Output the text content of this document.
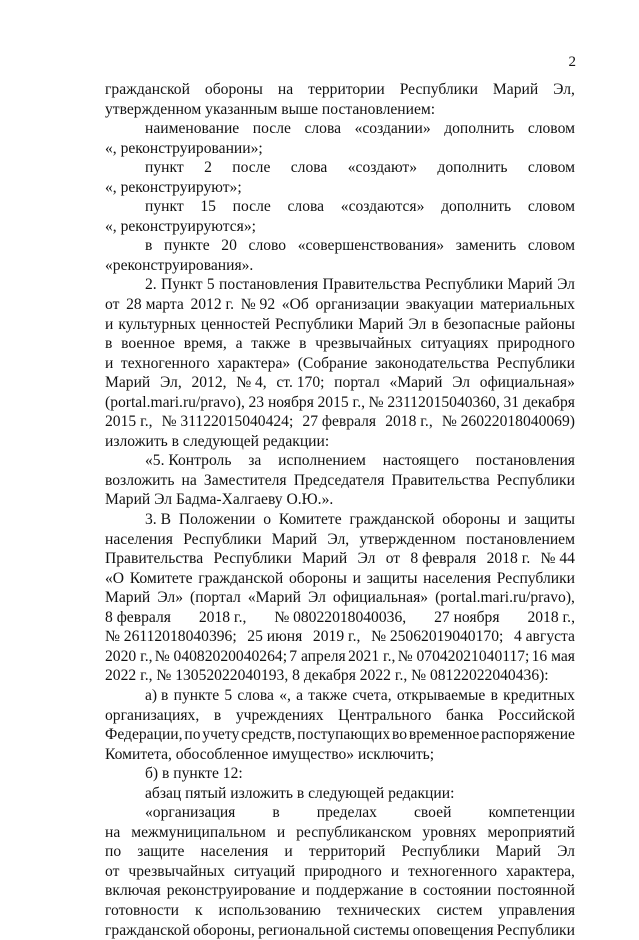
2
гражданской обороны на территории Республики Марий Эл,
утвержденном указанным выше постановлением:
наименование после слова «создании» дополнить словом
«, реконструировании»;
пункт 2 после слова «создают» дополнить словом
«, реконструируют»;
пункт 15 после слова «создаются» дополнить словом
«, реконструируются»;
в пункте 20 слово «совершенствования» заменить словом
«реконструирования».
2. Пункт 5 постановления Правительства Республики Марий Эл
от 28 марта 2012 г. № 92 «Об организации эвакуации материальных
и культурных ценностей Республики Марий Эл в безопасные районы
в военное время, а также в чрезвычайных ситуациях природного
и техногенного характера» (Собрание законодательства Республики
Марий Эл, 2012, № 4, ст. 170; портал «Марий Эл официальная»
(portal.mari.ru/pravo), 23 ноября 2015 г., № 23112015040360, 31 декабря
2015 г., № 31122015040424; 27 февраля 2018 г., № 26022018040069)
изложить в следующей редакции:
«5. Контроль за исполнением настоящего постановления
возложить на Заместителя Председателя Правительства Республики
Марий Эл Бадма-Халгаеву О.Ю.».
3. В Положении о Комитете гражданской обороны и защиты
населения Республики Марий Эл, утвержденном постановлением
Правительства Республики Марий Эл от 8 февраля 2018 г. № 44
«О Комитете гражданской обороны и защиты населения Республики
Марий Эл» (портал «Марий Эл официальная» (portal.mari.ru/pravo),
8 февраля 2018 г., № 08022018040036, 27 ноября 2018 г.,
№ 26112018040396; 25 июня 2019 г., № 25062019040170; 4 августа
2020 г., № 04082020040264; 7 апреля 2021 г., № 07042021040117; 16 мая
2022 г., № 13052022040193, 8 декабря 2022 г., № 08122022040436):
а) в пункте 5 слова «, а также счета, открываемые в кредитных
организациях, в учреждениях Центрального банка Российской
Федерации, по учету средств, поступающих во временное распоряжение
Комитета, обособленное имущество» исключить;
б) в пункте 12:
абзац пятый изложить в следующей редакции:
«организация в пределах своей компетенции
на межмуниципальном и республиканском уровнях мероприятий
по защите населения и территорий Республики Марий Эл
от чрезвычайных ситуаций природного и техногенного характера,
включая реконструирование и поддержание в состоянии постоянной
готовности к использованию технических систем управления
гражданской обороны, региональной системы оповещения Республики
